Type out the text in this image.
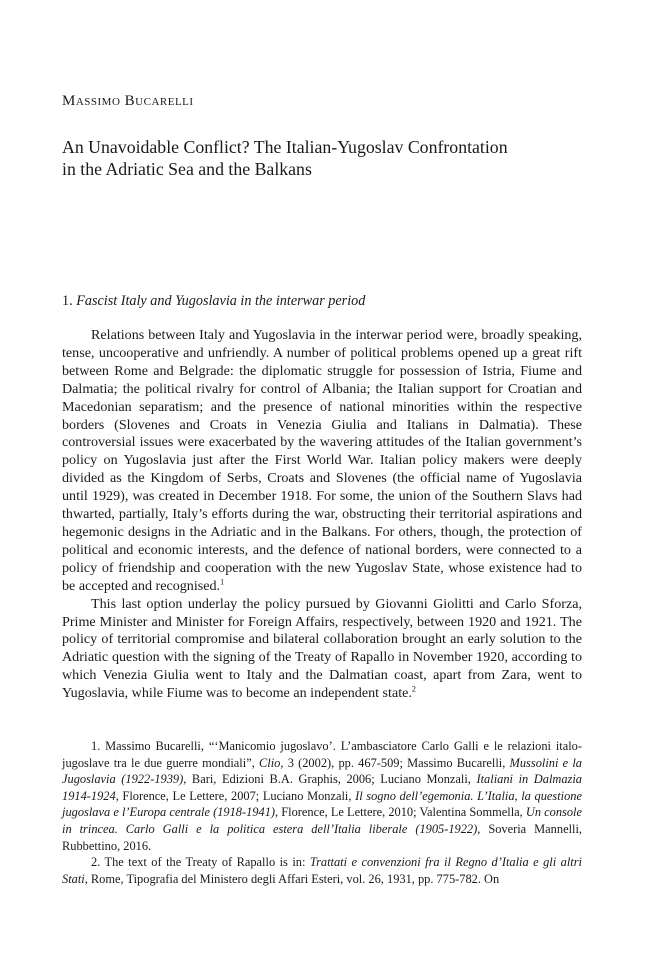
Massimo Bucarelli
An Unavoidable Conflict? The Italian-Yugoslav Confrontation
in the Adriatic Sea and the Balkans
1. Fascist Italy and Yugoslavia in the interwar period

Relations between Italy and Yugoslavia in the interwar period were, broadly speaking, tense, uncooperative and unfriendly. A number of political problems opened up a great rift between Rome and Belgrade: the diplomatic struggle for possession of Istria, Fiume and Dalmatia; the political rivalry for control of Albania; the Italian support for Croatian and Macedonian separatism; and the presence of national minorities within the respective borders (Slovenes and Croats in Venezia Giulia and Italians in Dalmatia). These controversial issues were exacerbated by the wavering attitudes of the Italian government’s policy on Yugoslavia just after the First World War. Italian policy makers were deeply divided as the Kingdom of Serbs, Croats and Slovenes (the official name of Yugoslavia until 1929), was created in December 1918. For some, the union of the Southern Slavs had thwarted, partially, Italy’s efforts during the war, obstructing their territorial aspirations and hegemonic designs in the Adriatic and in the Balkans. For others, though, the protection of political and economic interests, and the defence of national borders, were connected to a policy of friendship and cooperation with the new Yugoslav State, whose existence had to be accepted and recognised.$^1$

This last option underlay the policy pursued by Giovanni Giolitti and Carlo Sforza, Prime Minister and Minister for Foreign Affairs, respectively, between 1920 and 1921. The policy of territorial compromise and bilateral collaboration brought an early solution to the Adriatic question with the signing of the Treaty of Rapallo in November 1920, according to which Venezia Giulia went to Italy and the Dalmatian coast, apart from Zara, went to Yugoslavia, while Fiume was to become an independent state.$^2$

1. Massimo Bucarelli, “‘Manicomio jugoslavo’. L’ambasciatore Carlo Galli e le relazioni italo-jugoslave tra le due guerre mondiali”, Clio, 3 (2002), pp. 467-509; Massimo Bucarelli, Mussolini e la Jugoslavia (1922-1939), Bari, Edizioni B.A. Graphis, 2006; Luciano Monzali, Italiani in Dalmazia 1914-1924, Florence, Le Lettere, 2007; Luciano Monzali, Il sogno dell’egemonia. L’Italia, la questione jugoslava e l’Europa centrale (1918-1941), Florence, Le Lettere, 2010; Valentina Sommella, Un console in trincea. Carlo Galli e la politica estera dell’Italia liberale (1905-1922), Soveria Mannelli, Rubbettino, 2016.

2. The text of the Treaty of Rapallo is in: Trattati e convenzioni fra il Regno d’Italia e gli altri Stati, Rome, Tipografia del Ministero degli Affari Esteri, vol. 26, 1931, pp. 775-782. On
